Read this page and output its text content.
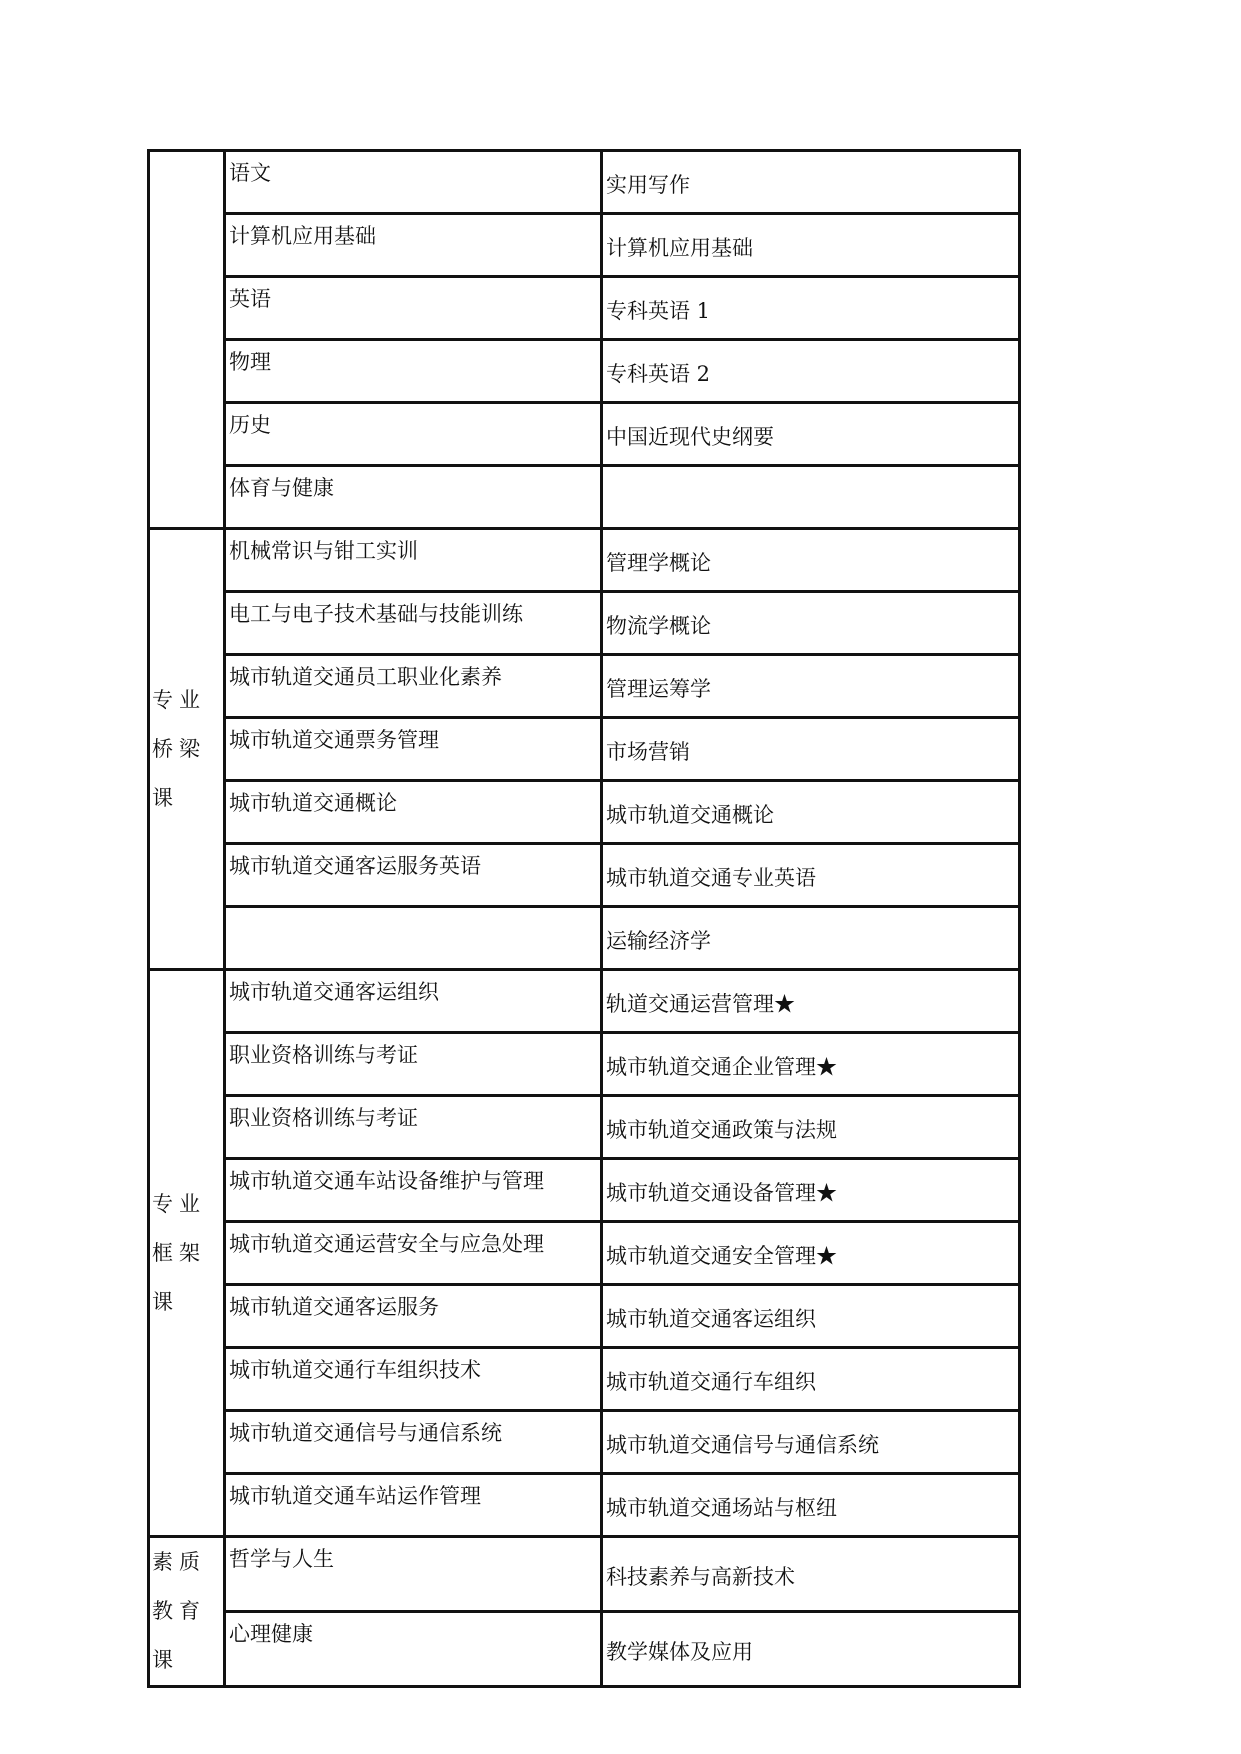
	语文	实用写作
	计算机应用基础	计算机应用基础
	英语	专科英语 1
	物理	专科英语 2
	历史	中国近现代史纲要
	体育与健康	
专业桥梁课	机械常识与钳工实训	管理学概论
	电工与电子技术基础与技能训练	物流学概论
	城市轨道交通员工职业化素养	管理运筹学
	城市轨道交通票务管理	市场营销
	城市轨道交通概论	城市轨道交通概论
	城市轨道交通客运服务英语	城市轨道交通专业英语
		运输经济学
专业框架课	城市轨道交通客运组织	轨道交通运营管理★
	职业资格训练与考证	城市轨道交通企业管理★
	职业资格训练与考证	城市轨道交通政策与法规
	城市轨道交通车站设备维护与管理	城市轨道交通设备管理★
	城市轨道交通运营安全与应急处理	城市轨道交通安全管理★
	城市轨道交通客运服务	城市轨道交通客运组织
	城市轨道交通行车组织技术	城市轨道交通行车组织
	城市轨道交通信号与通信系统	城市轨道交通信号与通信系统
	城市轨道交通车站运作管理	城市轨道交通场站与枢纽
素质教育课	哲学与人生	科技素养与高新技术
	心理健康	教学媒体及应用
